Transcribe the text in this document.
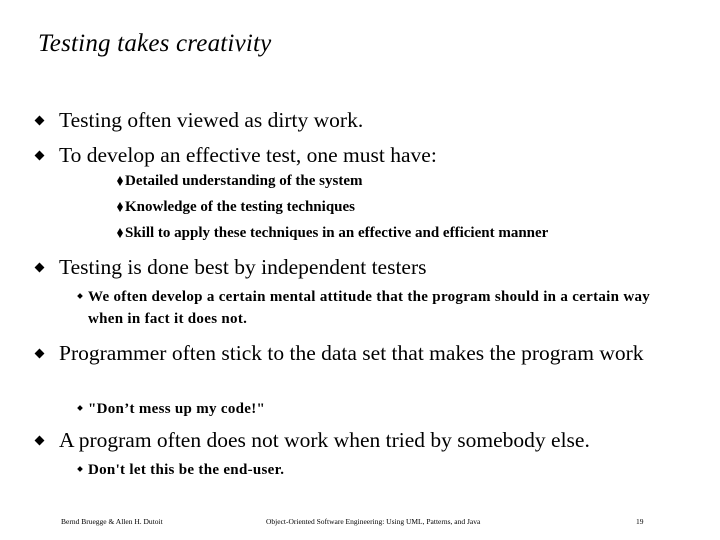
Testing takes creativity
Testing often viewed as dirty work.
To develop an effective test, one must have:
Detailed understanding of the system
Knowledge of the testing techniques
Skill to apply these techniques in an effective and efficient manner
Testing is done best by independent testers
We often develop a certain mental attitude that the program should in a certain way when in fact it does not.
Programmer often stick to the data set that makes the program work
"Don’t mess up my code!"
A program often does not work when tried by somebody else.
Don't let this be the end-user.
Bernd Bruegge & Allen H. Dutoit	Object-Oriented Software Engineering: Using UML, Patterns, and Java	19
